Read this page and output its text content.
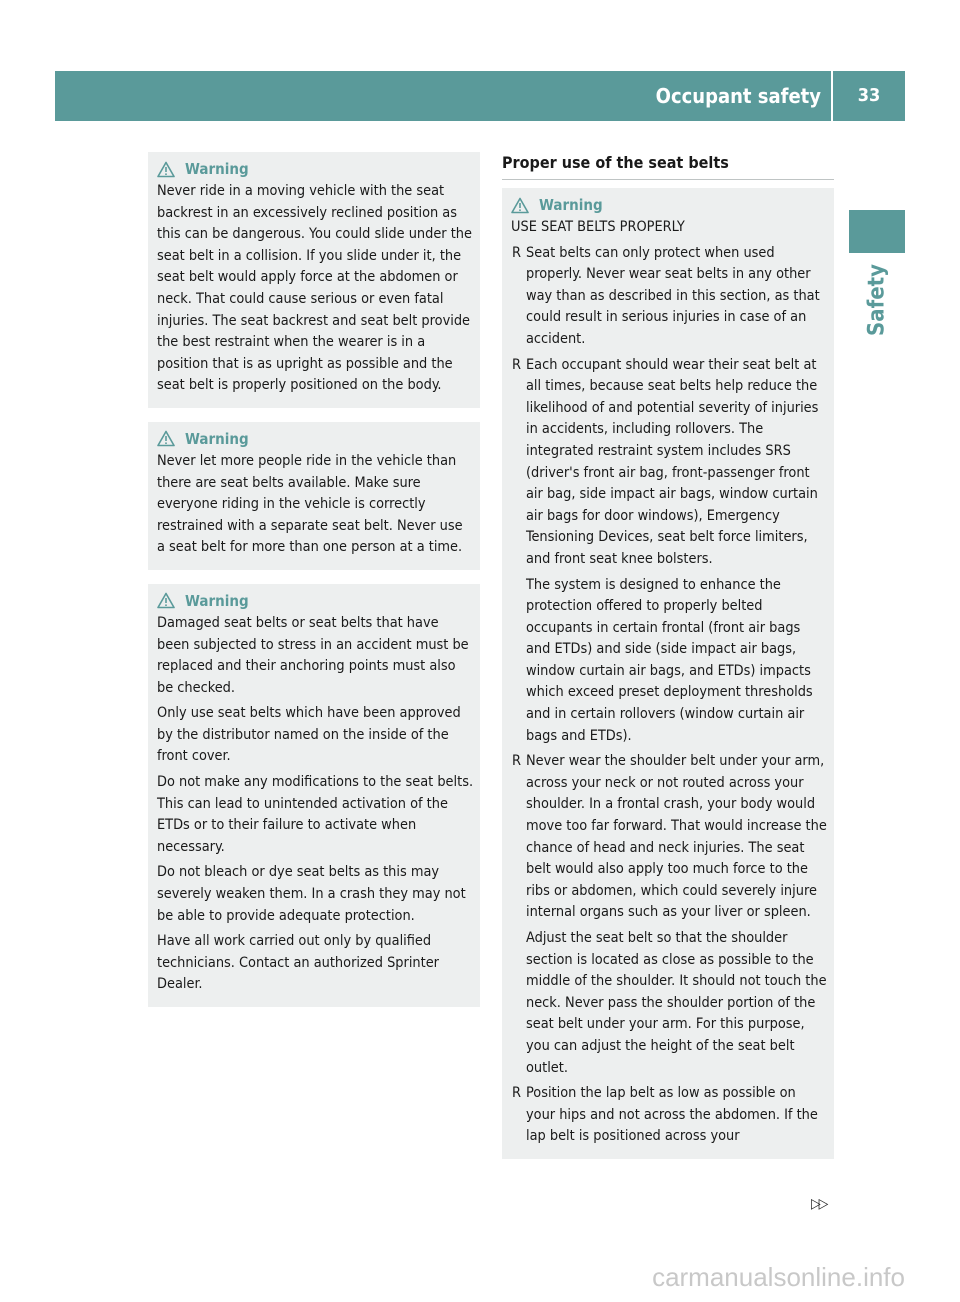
Occupant safety	33
Safety
Warning

Never ride in a moving vehicle with the seat backrest in an excessively reclined position as this can be dangerous. You could slide under the seat belt in a collision. If you slide under it, the seat belt would apply force at the abdomen or neck. That could cause serious or even fatal injuries. The seat backrest and seat belt provide the best restraint when the wearer is in a position that is as upright as possible and the seat belt is properly positioned on the body.

Warning

Never let more people ride in the vehicle than there are seat belts available. Make sure everyone riding in the vehicle is correctly restrained with a separate seat belt. Never use a seat belt for more than one person at a time.

Warning

Damaged seat belts or seat belts that have been subjected to stress in an accident must be replaced and their anchoring points must also be checked.

Only use seat belts which have been approved by the distributor named on the inside of the front cover.

Do not make any modifications to the seat belts. This can lead to unintended activation of the ETDs or to their failure to activate when necessary.

Do not bleach or dye seat belts as this may severely weaken them. In a crash they may not be able to provide adequate protection.

Have all work carried out only by qualified technicians. Contact an authorized Sprinter Dealer.

Proper use of the seat belts
Warning

USE SEAT BELTS PROPERLY

R Seat belts can only protect when used properly. Never wear seat belts in any other way than as described in this section, as that could result in serious injuries in case of an accident.

R Each occupant should wear their seat belt at all times, because seat belts help reduce the likelihood of and potential severity of injuries in accidents, including rollovers. The integrated restraint system includes SRS (driver's front air bag, front-passenger front air bag, side impact air bags, window curtain air bags for door windows), Emergency Tensioning Devices, seat belt force limiters, and front seat knee bolsters.

The system is designed to enhance the protection offered to properly belted occupants in certain frontal (front air bags and ETDs) and side (side impact air bags, window curtain air bags, and ETDs) impacts which exceed preset deployment thresholds and in certain rollovers (window curtain air bags and ETDs).

R Never wear the shoulder belt under your arm, across your neck or not routed across your shoulder. In a frontal crash, your body would move too far forward. That would increase the chance of head and neck injuries. The seat belt would also apply too much force to the ribs or abdomen, which could severely injure internal organs such as your liver or spleen.

Adjust the seat belt so that the shoulder section is located as close as possible to the middle of the shoulder. It should not touch the neck. Never pass the shoulder portion of the seat belt under your arm. For this purpose, you can adjust the height of the seat belt outlet.

R Position the lap belt as low as possible on your hips and not across the abdomen. If the lap belt is positioned across your

▷▷
carmanualsonline.info
